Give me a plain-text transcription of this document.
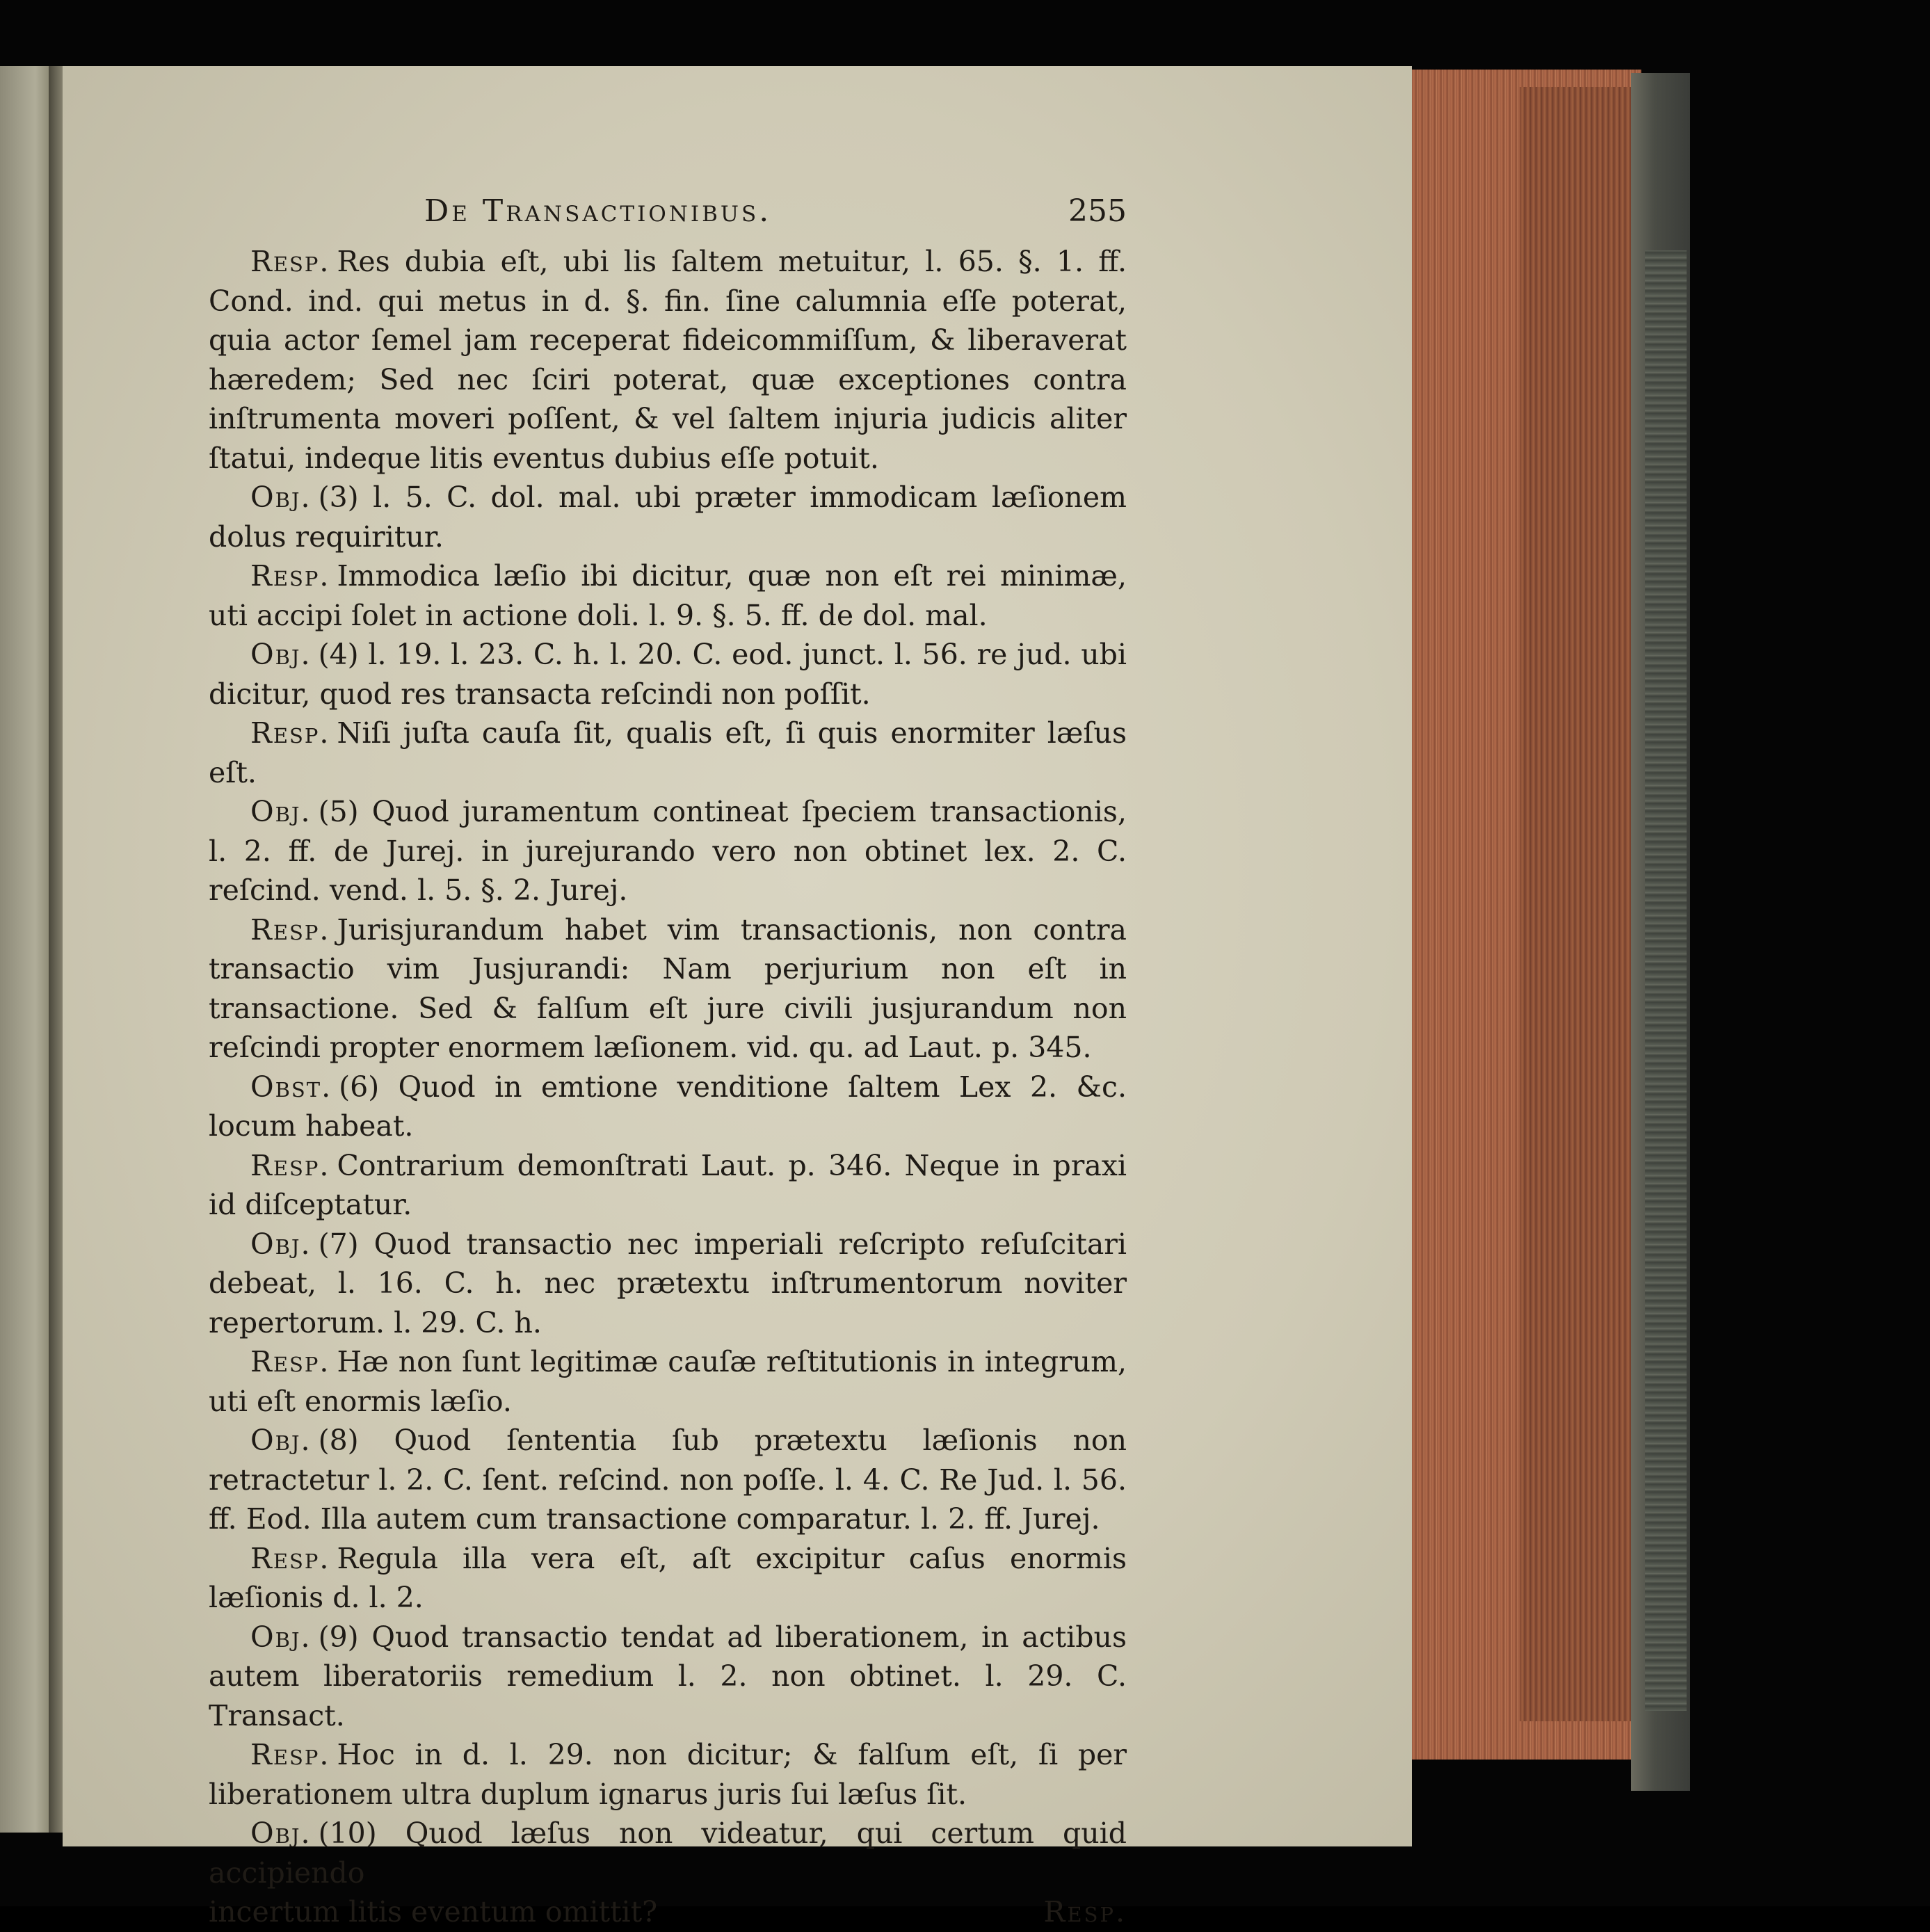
De Transactionibus.	255

Resp. Res dubia eſt, ubi lis ſaltem metuitur, l. 65. §. 1. ff. Cond. ind. qui metus in d. §. fin. ſine calumnia eſſe poterat, quia actor ſemel jam receperat fideicommiſſum, & liberaverat hæredem; Sed nec ſciri poterat, quæ exceptiones contra inſtrumenta moveri poſſent, & vel ſaltem injuria judicis aliter ſtatui, indeque litis eventus dubius eſſe potuit.

Obj. (3) l. 5. C. dol. mal. ubi præter immodicam læſionem dolus requiritur.

Resp. Immodica læſio ibi dicitur, quæ non eſt rei minimæ, uti accipi ſolet in actione doli. l. 9. §. 5. ff. de dol. mal.

Obj. (4) l. 19. l. 23. C. h. l. 20. C. eod. junct. l. 56. re jud. ubi dicitur, quod res transacta reſcindi non poſſit.

Resp. Niſi juſta cauſa ſit, qualis eſt, ſi quis enormiter læſus eſt.

Obj. (5) Quod juramentum contineat ſpeciem transactionis, l. 2. ff. de Jurej. in jurejurando vero non obtinet lex. 2. C. reſcind. vend. l. 5. §. 2. Jurej.

Resp. Jurisjurandum habet vim transactionis, non contra transactio vim Jusjurandi: Nam perjurium non eſt in transactione. Sed & falſum eſt jure civili jusjurandum non reſcindi propter enormem læſionem. vid. qu. ad Laut. p. 345.

Obst. (6) Quod in emtione venditione ſaltem Lex 2. &c. locum habeat.

Resp. Contrarium demonſtrati Laut. p. 346. Neque in praxi id diſceptatur.

Obj. (7) Quod transactio nec imperiali reſcripto reſuſcitari debeat, l. 16. C. h. nec prætextu inſtrumentorum noviter repertorum. l. 29. C. h.

Resp. Hæ non ſunt legitimæ cauſæ reſtitutionis in integrum, uti eſt enormis læſio.

Obj. (8) Quod ſententia ſub prætextu læſionis non retractetur l. 2. C. ſent. reſcind. non poſſe. l. 4. C. Re Jud. l. 56. ff. Eod. Illa autem cum transactione comparatur. l. 2. ff. Jurej.

Resp. Regula illa vera eſt, aſt excipitur caſus enormis læſionis d. l. 2.

Obj. (9) Quod transactio tendat ad liberationem, in actibus autem liberatoriis remedium l. 2. non obtinet. l. 29. C. Transact.

Resp. Hoc in d. l. 29. non dicitur; & falſum eſt, ſi per liberationem ultra duplum ignarus juris ſui læſus ſit.

Obj. (10) Quod læſus non videatur, qui certum quid accipiendo

incertum litis eventum omittit?	Resp.
